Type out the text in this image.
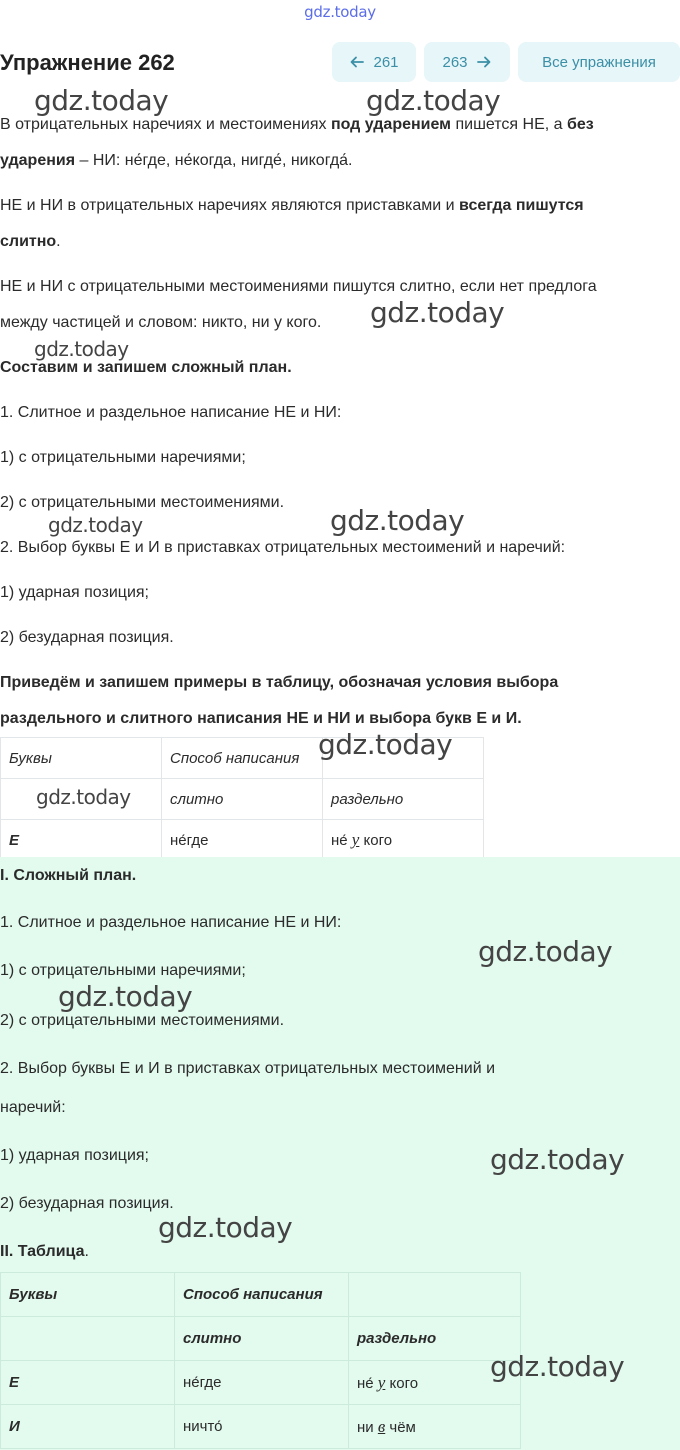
gdz.today
Упражнение 262	261	263	Все упражнения
В отрицательных наречиях и местоимениях под ударением пишется НЕ, а без
ударения – НИ: не́где, не́когда, нигде́, никогда́.
НЕ и НИ в отрицательных наречиях являются приставками и всегда пишутся
слитно.
НЕ и НИ с отрицательными местоимениями пишутся слитно, если нет предлога
между частицей и словом: никто, ни у кого.
Составим и запишем сложный план.
1. Слитное и раздельное написание НЕ и НИ:
1) с отрицательными наречиями;
2) с отрицательными местоимениями.
2. Выбор буквы Е и И в приставках отрицательных местоимений и наречий:
1) ударная позиция;
2) безударная позиция.
Приведём и запишем примеры в таблицу, обозначая условия выбора
раздельного и слитного написания НЕ и НИ и выбора букв Е и И.
Буквы	Способ написания	
	слитно	раздельно
Е	не́где	не́ у кого
I. Сложный план.
1. Слитное и раздельное написание НЕ и НИ:
1) с отрицательными наречиями;
2) с отрицательными местоимениями.
2. Выбор буквы Е и И в приставках отрицательных местоимений и
наречий:
1) ударная позиция;
2) безударная позиция.
II. Таблица.
Буквы	Способ написания	
	слитно	раздельно
Е	не́где	не́ у кого
И	ничто́	ни в чём
gdz.today	gdz.today
gdz.today
gdz.today
gdz.today	gdz.today
gdz.today
gdz.today
gdz.today
gdz.today
gdz.today
gdz.today
gdz.today
